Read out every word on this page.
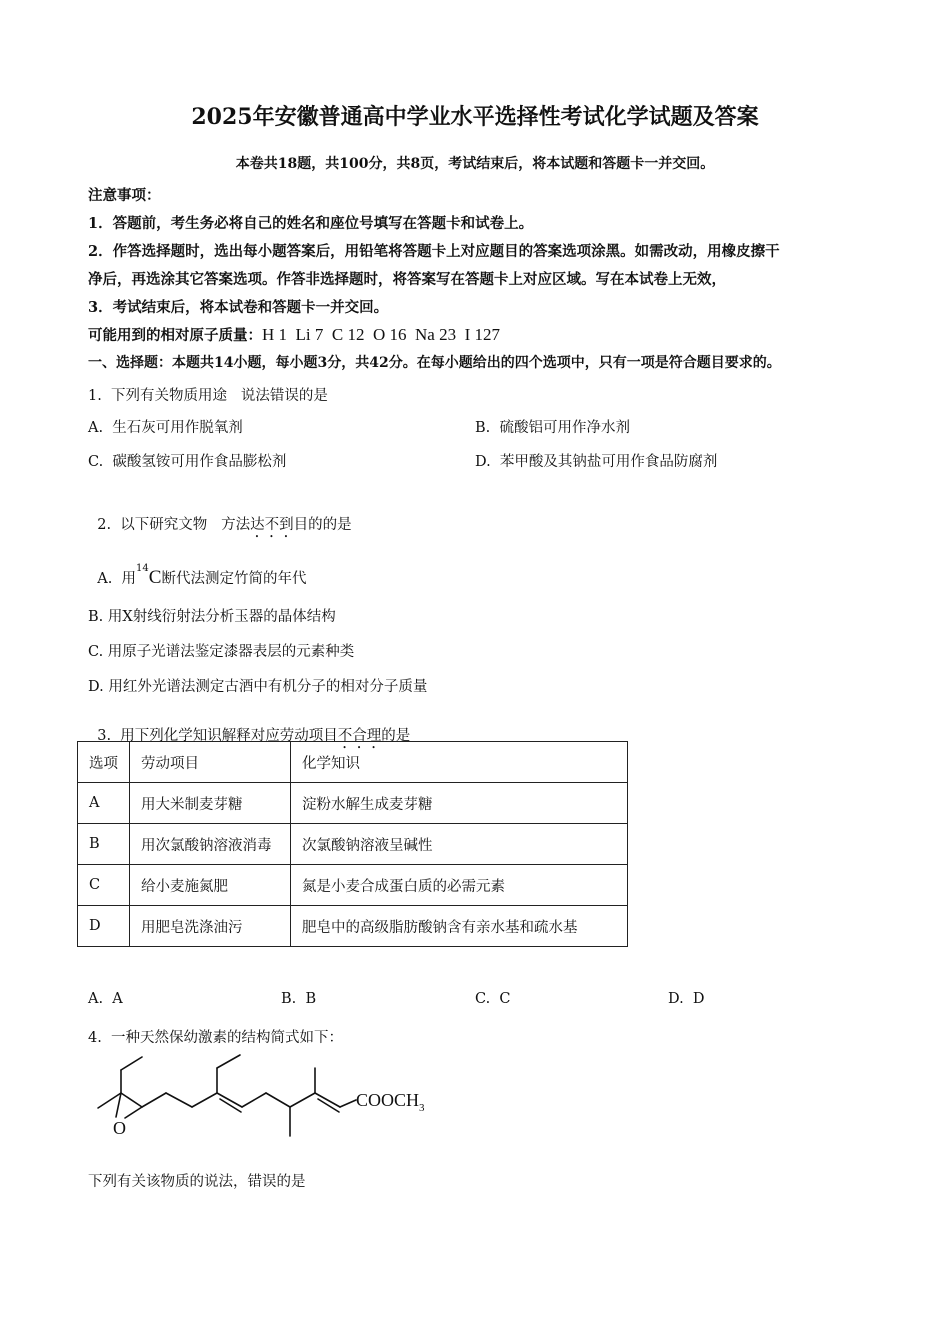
2025年安徽普通高中学业水平选择性考试化学试题及答案
本卷共18题，共100分，共8页，考试结束后，将本试题和答题卡一并交回。
注意事项：
1．答题前，考生务必将自己的姓名和座位号填写在答题卡和试卷上。
2．作答选择题时，选出每小题答案后，用铅笔将答题卡上对应题目的答案选项涂黑。如需改动，用橡皮擦干
净后，再选涂其它答案选项。作答非选择题时，将答案写在答题卡上对应区域。写在本试卷上无效，
3．考试结束后，将本试卷和答题卡一并交回。
可能用到的相对原子质量：H 1  Li 7  C 12  O 16  Na 23  I 127
一、选择题：本题共14小题，每小题3分，共42分。在每小题给出的四个选项中，只有一项是符合题目要求的。
1.  下列有关物质用途   说法错误的是
A.  生石灰可用作脱氧剂	B.  硫酸铝可用作净水剂
C.  碳酸氢铵可用作食品膨松剂	D.  苯甲酸及其钠盐可用作食品防腐剂

2.  以下研究文物   方法达不到目的的是

A.  用$^{14}$C断代法测定竹简的年代

B. 用X射线衍射法分析玉器的晶体结构
C. 用原子光谱法鉴定漆器表层的元素种类
D. 用红外光谱法测定古酒中有机分子的相对分子质量

3.  用下列化学知识解释对应劳动项目不合理的是

选项	劳动项目	化学知识
A	用大米制麦芽糖	淀粉水解生成麦芽糖
B	用次氯酸钠溶液消毒	次氯酸钠溶液呈碱性
C	给小麦施氮肥	氮是小麦合成蛋白质的必需元素
D	用肥皂洗涤油污	肥皂中的高级脂肪酸钠含有亲水基和疏水基
A.  A	B.  B	C.  C	D.  D
4.  一种天然保幼激素的结构简式如下：
O
$COOCH_3$
下列有关该物质的说法，错误的是
